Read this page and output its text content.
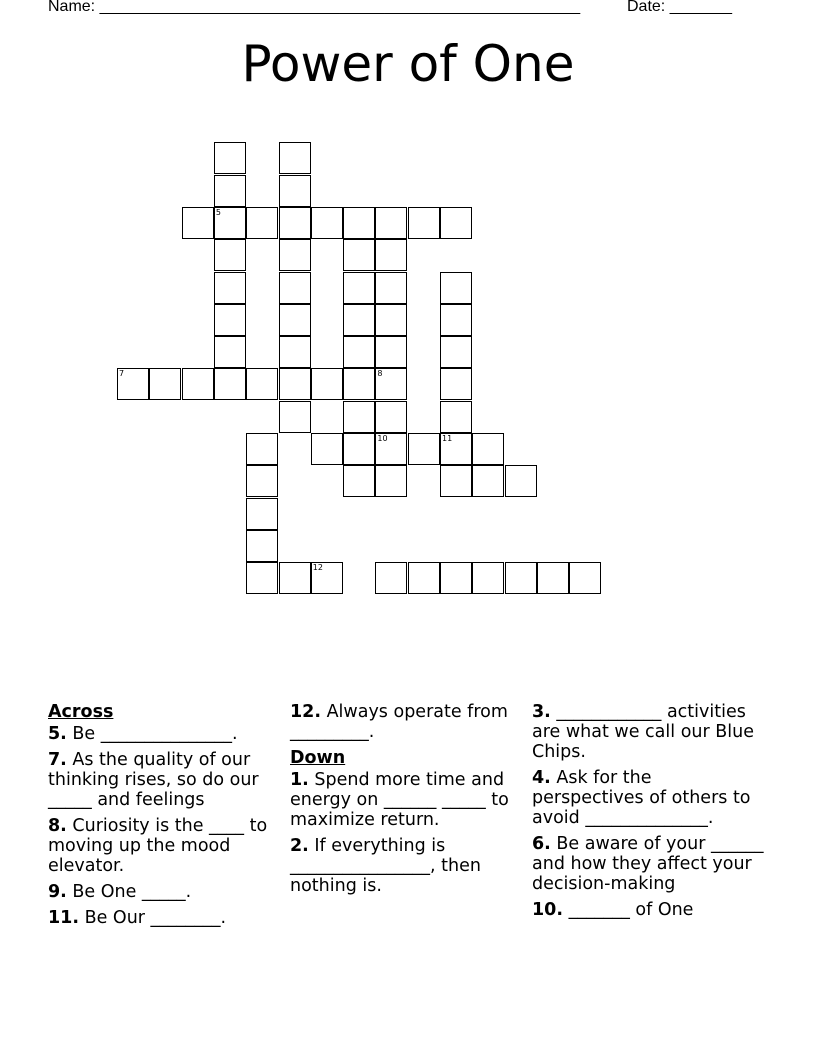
Name: ______________________________________________________	Date: _______
Power of One
5
8
10	11
7
12
Across

5. Be _______________.

7. As the quality of our thinking rises, so do our _____ and feelings

8. Curiosity is the ____ to moving up the mood elevator.

9. Be One _____.

11. Be Our ________.

12. Always operate from _________.

Down

1. Spend more time and energy on ______ _____ to maximize return.

2. If everything is ________________, then nothing is.

3. ____________ activities are what we call our Blue Chips.

4. Ask for the perspectives of others to avoid ______________.

6. Be aware of your ______ and how they affect your decision-making

10. _______ of One
